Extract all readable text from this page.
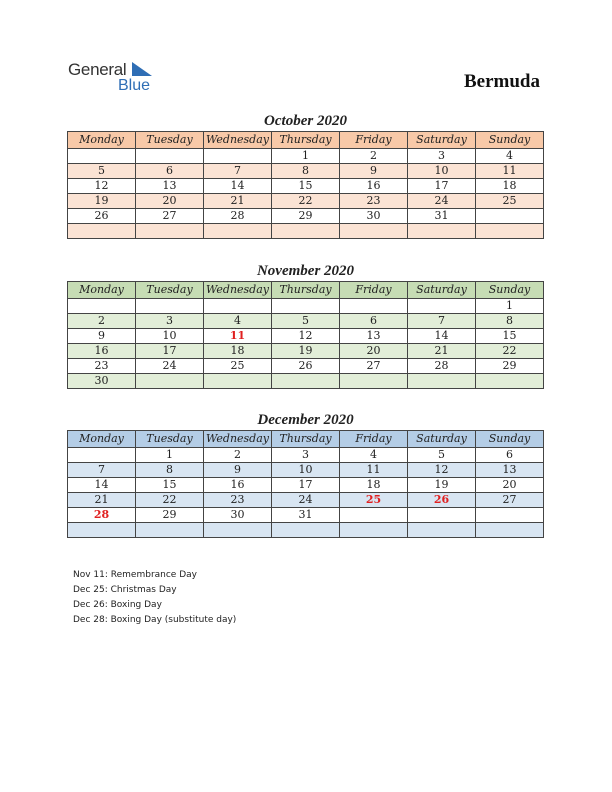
General
Blue	Bermuda
October 2020
Monday	Tuesday	Wednesday	Thursday	Friday	Saturday	Sunday
			1	2	3	4
5	6	7	8	9	10	11
12	13	14	15	16	17	18
19	20	21	22	23	24	25
26	27	28	29	30	31	

November 2020
Monday	Tuesday	Wednesday	Thursday	Friday	Saturday	Sunday
						1
2	3	4	5	6	7	8
9	10	11	12	13	14	15
16	17	18	19	20	21	22
23	24	25	26	27	28	29
30						
December 2020
Monday	Tuesday	Wednesday	Thursday	Friday	Saturday	Sunday
	1	2	3	4	5	6
7	8	9	10	11	12	13
14	15	16	17	18	19	20
21	22	23	24	25	26	27
28	29	30	31			

Nov 11: Remembrance Day
Dec 25: Christmas Day
Dec 26: Boxing Day
Dec 28: Boxing Day (substitute day)
